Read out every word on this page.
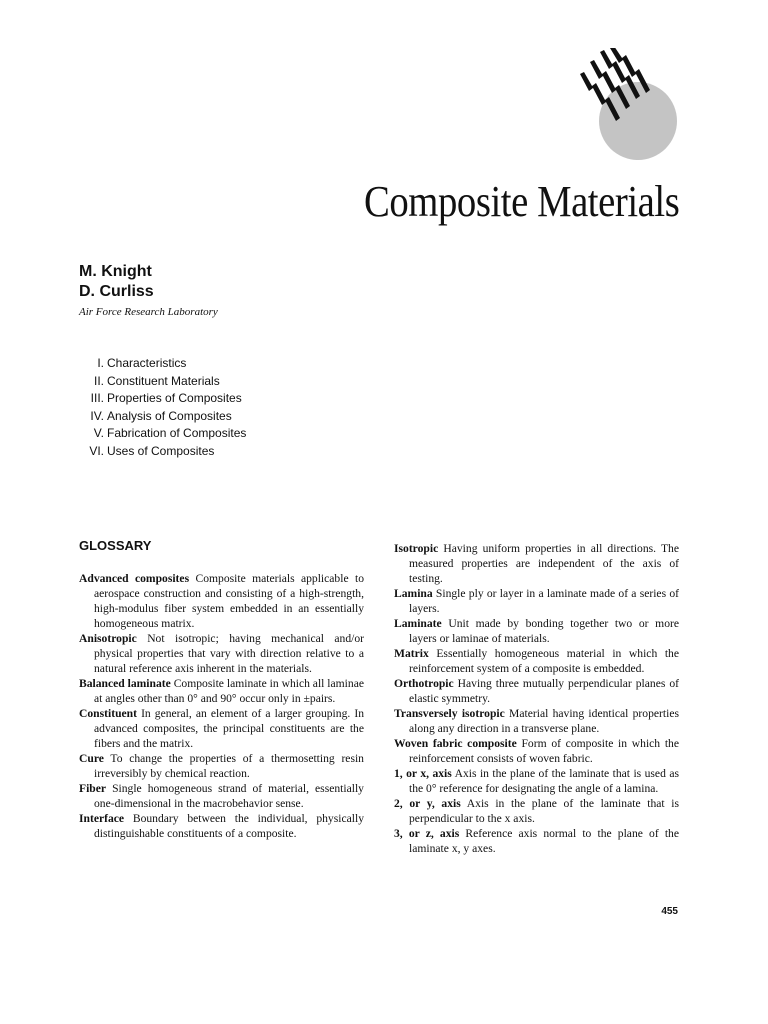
Composite Materials
M. Knight
D. Curliss
Air Force Research Laboratory
I. Characteristics
II. Constituent Materials
III. Properties of Composites
IV. Analysis of Composites
V. Fabrication of Composites
VI. Uses of Composites
GLOSSARY

Advanced composites Composite materials applicable to aerospace construction and consisting of a high-strength, high-modulus fiber system embedded in an essentially homogeneous matrix.

Anisotropic Not isotropic; having mechanical and/or physical properties that vary with direction relative to a natural reference axis inherent in the materials.

Balanced laminate Composite laminate in which all laminae at angles other than 0° and 90° occur only in ±pairs.

Constituent In general, an element of a larger grouping. In advanced composites, the principal constituents are the fibers and the matrix.

Cure To change the properties of a thermosetting resin irreversibly by chemical reaction.

Fiber Single homogeneous strand of material, essentially one-dimensional in the macrobehavior sense.

Interface Boundary between the individual, physically distinguishable constituents of a composite.

Isotropic Having uniform properties in all directions. The measured properties are independent of the axis of testing.

Lamina Single ply or layer in a laminate made of a series of layers.

Laminate Unit made by bonding together two or more layers or laminae of materials.

Matrix Essentially homogeneous material in which the reinforcement system of a composite is embedded.

Orthotropic Having three mutually perpendicular planes of elastic symmetry.

Transversely isotropic Material having identical properties along any direction in a transverse plane.

Woven fabric composite Form of composite in which the reinforcement consists of woven fabric.

1, or x, axis Axis in the plane of the laminate that is used as the 0° reference for designating the angle of a lamina.

2, or y, axis Axis in the plane of the laminate that is perpendicular to the x axis.

3, or z, axis Reference axis normal to the plane of the laminate x, y axes.

455
